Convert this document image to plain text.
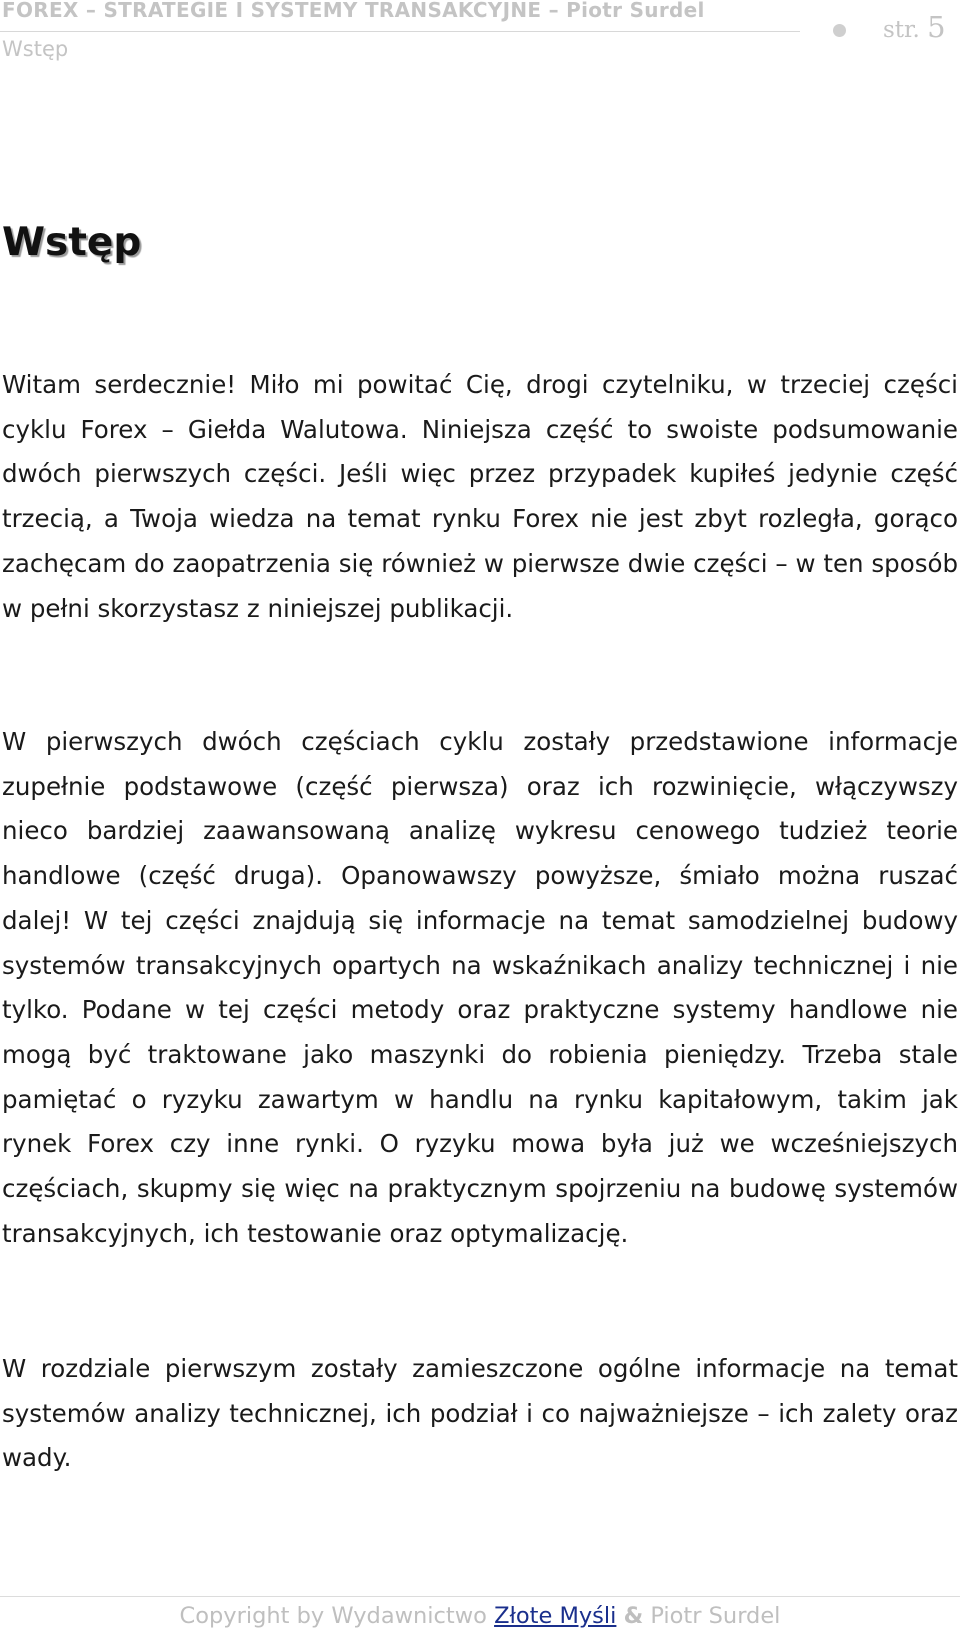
FOREX – STRATEGIE I SYSTEMY TRANSAKCYJNE – Piotr Surdel
Wstęp
str. 5
Wstęp

Witam serdecznie! Miło mi powitać Cię, drogi czytelniku, w trzeciej części cyklu Forex – Giełda Walutowa. Niniejsza część to swoiste podsumowanie dwóch pierwszych części. Jeśli więc przez przypadek kupiłeś jedynie część trzecią, a Twoja wiedza na temat rynku Forex nie jest zbyt rozległa, gorąco zachęcam do zaopatrzenia się również w pierwsze dwie części – w ten sposób w pełni skorzystasz z niniejszej publikacji.

W pierwszych dwóch częściach cyklu zostały przedstawione informacje zupełnie podstawowe (część pierwsza) oraz ich rozwinięcie, włączywszy nieco bardziej zaawansowaną analizę wykresu cenowego tudzież teorie handlowe (część druga). Opanowawszy powyższe, śmiało można ruszać dalej! W tej części znajdują się informacje na temat samodzielnej budowy systemów transakcyjnych opartych na wskaźnikach analizy technicznej i nie tylko. Podane w tej części metody oraz praktyczne systemy handlowe nie mogą być traktowane jako maszynki do robienia pieniędzy. Trzeba stale pamiętać o ryzyku zawartym w handlu na rynku kapitałowym, takim jak rynek Forex czy inne rynki. O ryzyku mowa była już we wcześniejszych częściach, skupmy się więc na praktycznym spojrzeniu na budowę systemów transakcyjnych, ich testowanie oraz optymalizację.

W rozdziale pierwszym zostały zamieszczone ogólne informacje na temat systemów analizy technicznej, ich podział i co najważniejsze – ich zalety oraz wady.

Copyright by Wydawnictwo Złote Myśli & Piotr Surdel
